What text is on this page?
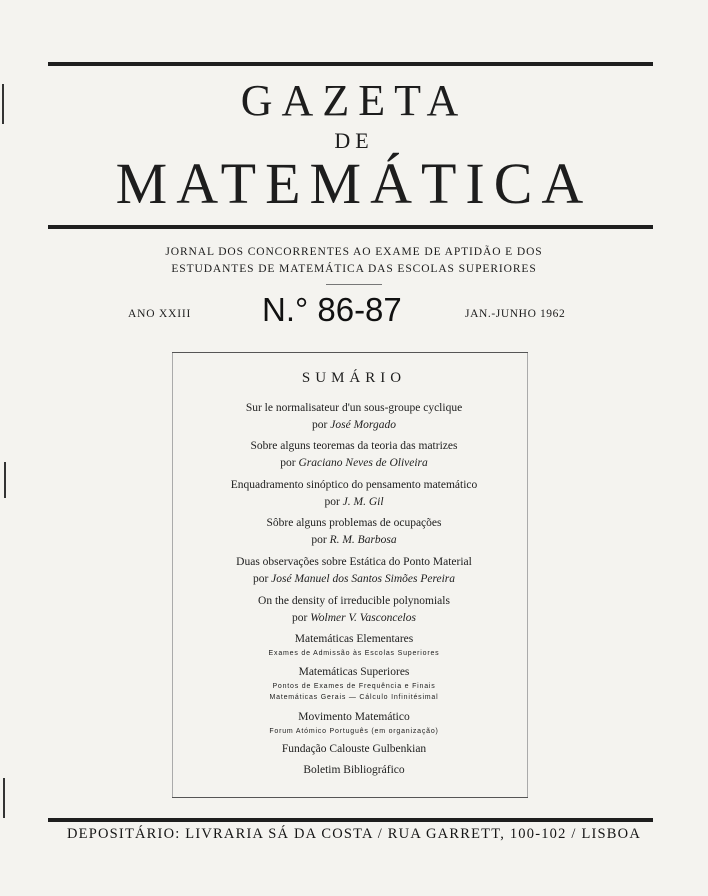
GAZETA
DE
MATEMÁTICA
JORNAL DOS CONCORRENTES AO EXAME DE APTIDÃO E DOS
ESTUDANTES DE MATEMÁTICA DAS ESCOLAS SUPERIORES
ANO XXIII N.° 86-87	JAN.-JUNHO 1962
SUMÁRIO
Sur le normalisateur d'un sous-groupe cyclique
por José Morgado
Sobre alguns teoremas da teoria das matrizes
por Graciano Neves de Oliveira
Enquadramento sinóptico do pensamento matemático
por J. M. Gil
Sôbre alguns problemas de ocupações
por R. M. Barbosa
Duas observações sobre Estática do Ponto Material
por José Manuel dos Santos Simões Pereira
On the density of irreducible polynomials
por Wolmer V. Vasconcelos
Matemáticas Elementares
Exames de Admissão às Escolas Superiores
Matemáticas Superiores
Pontos de Exames de Frequência e Finais
Matemáticas Gerais — Cálculo Infinitésimal
Movimento Matemático
Forum Atómico Português (em organização)
Fundação Calouste Gulbenkian
Boletim Bibliográfico
DEPOSITÁRIO: LIVRARIA SÁ DA COSTA / RUA GARRETT, 100-102 / LISBOA
